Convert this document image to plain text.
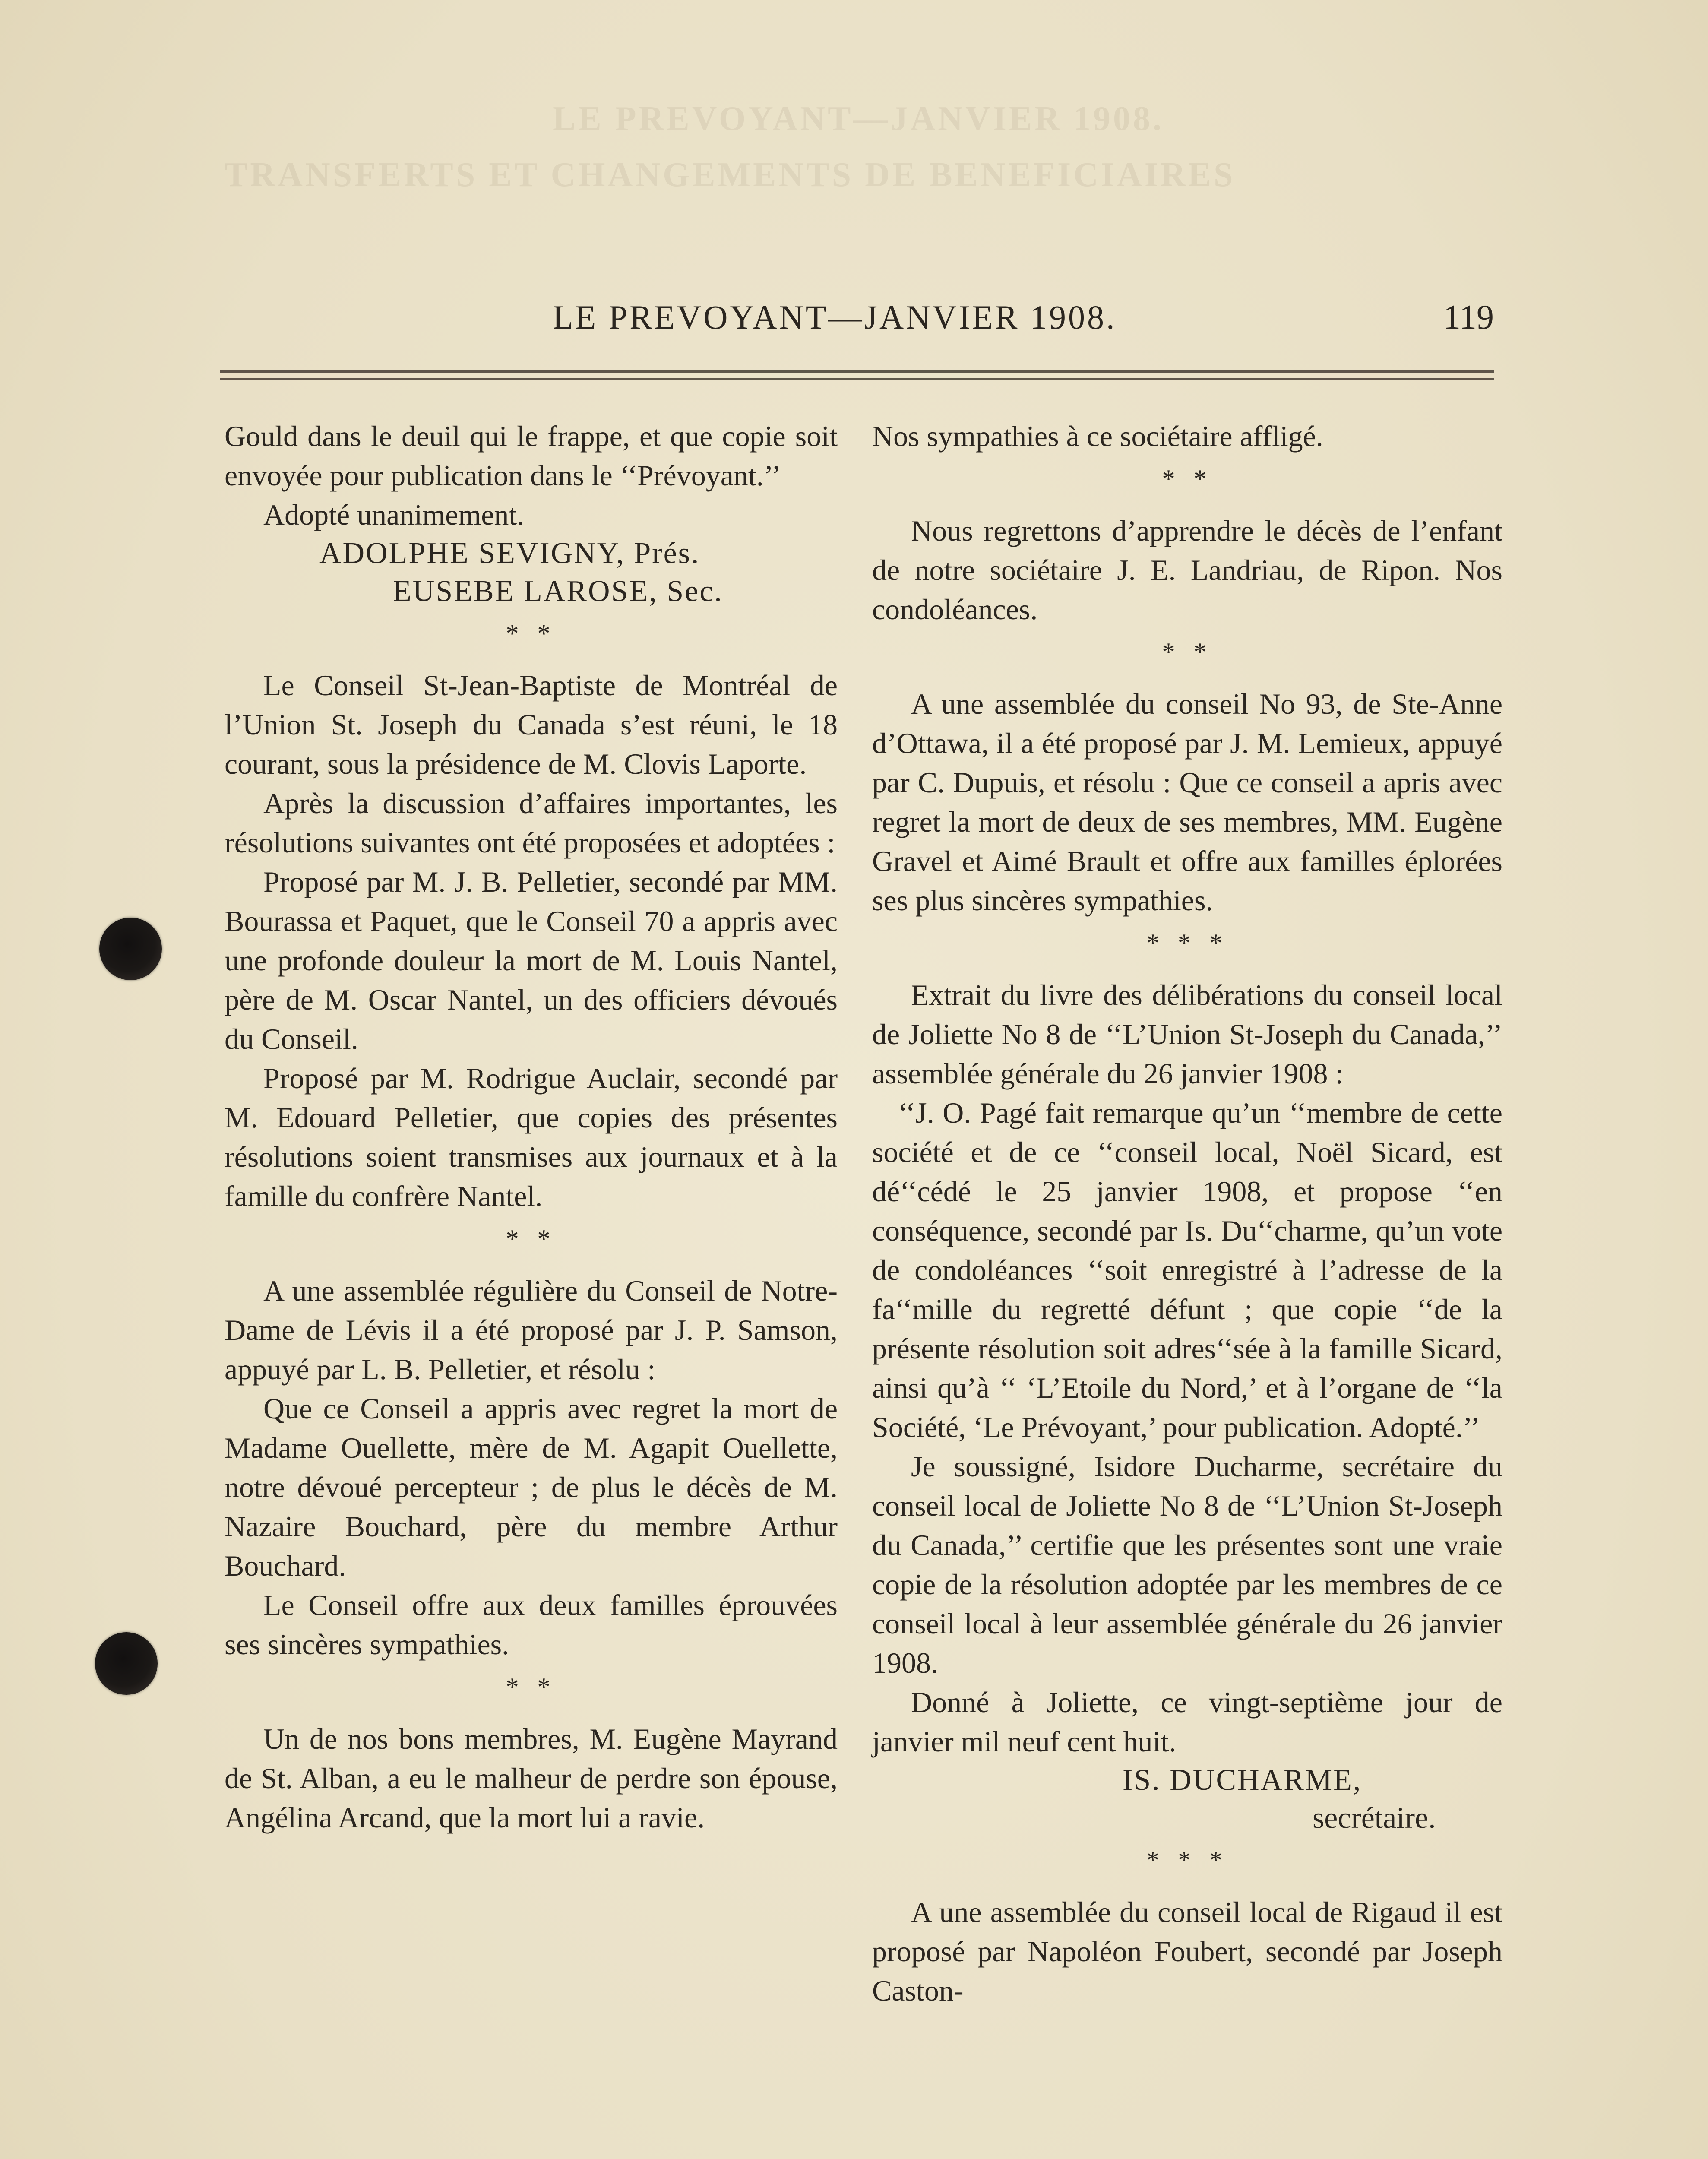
LE PREVOYANT—JANVIER 1908.
TRANSFERTS ET CHANGEMENTS DE BENEFICIAIRES
LE PREVOYANT—JANVIER 1908.	119

Gould dans le deuil qui le frappe, et que copie soit envoyée pour publication dans le ‘‘Prévoyant.’’

Adopté unanimement.

ADOLPHE SEVIGNY, Prés.
EUSEBE LAROSE, Sec.
* *

Le Conseil St-Jean-Baptiste de Montréal de l’Union St. Joseph du Canada s’est réuni, le 18 courant, sous la présidence de M. Clovis Laporte.

Après la discussion d’affaires importantes, les résolutions suivantes ont été proposées et adoptées :

Proposé par M. J. B. Pelletier, secondé par MM. Bourassa et Paquet, que le Conseil 70 a appris avec une profonde douleur la mort de M. Louis Nantel, père de M. Oscar Nantel, un des officiers dévoués du Conseil.

Proposé par M. Rodrigue Auclair, secondé par M. Edouard Pelletier, que copies des présentes résolutions soient transmises aux journaux et à la famille du confrère Nantel.

* *

A une assemblée régulière du Conseil de Notre-Dame de Lévis il a été proposé par J. P. Samson, appuyé par L. B. Pelletier, et résolu :

Que ce Conseil a appris avec regret la mort de Madame Ouellette, mère de M. Agapit Ouellette, notre dévoué percepteur ; de plus le décès de M. Nazaire Bouchard, père du membre Arthur Bouchard.

Le Conseil offre aux deux familles éprouvées ses sincères sympathies.

* *

Un de nos bons membres, M. Eugène Mayrand de St. Alban, a eu le malheur de perdre son épouse, Angélina Arcand, que la mort lui a ravie.

Nos sympathies à ce sociétaire affligé.

* *

Nous regrettons d’apprendre le décès de l’enfant de notre sociétaire J. E. Landriau, de Ripon. Nos condoléances.

* *

A une assemblée du conseil No 93, de Ste-Anne d’Ottawa, il a été proposé par J. M. Lemieux, appuyé par C. Dupuis, et résolu : Que ce conseil a apris avec regret la mort de deux de ses membres, MM. Eugène Gravel et Aimé Brault et offre aux familles éplorées ses plus sincères sympathies.

* * *

Extrait du livre des délibérations du conseil local de Joliette No 8 de ‘‘L’Union St-Joseph du Canada,’’ assemblée générale du 26 janvier 1908 :

‘‘J. O. Pagé fait remarque qu’un ‘‘membre de cette société et de ce ‘‘conseil local, Noël Sicard, est dé‘‘cédé le 25 janvier 1908, et propose ‘‘en conséquence, secondé par Is. Du‘‘charme, qu’un vote de condoléances ‘‘soit enregistré à l’adresse de la fa‘‘mille du regretté défunt ; que copie ‘‘de la présente résolution soit adres‘‘sée à la famille Sicard, ainsi qu’à ‘‘ ‘L’Etoile du Nord,’ et à l’organe de ‘‘la Société, ‘Le Prévoyant,’ pour publication. Adopté.’’

Je soussigné, Isidore Ducharme, secrétaire du conseil local de Joliette No 8 de ‘‘L’Union St-Joseph du Canada,’’ certifie que les présentes sont une vraie copie de la résolution adoptée par les membres de ce conseil local à leur assemblée générale du 26 janvier 1908.

Donné à Joliette, ce vingt-septième jour de janvier mil neuf cent huit.

IS. DUCHARME,
secrétaire.
* * *

A une assemblée du conseil local de Rigaud il est proposé par Napoléon Foubert, secondé par Joseph Caston-
